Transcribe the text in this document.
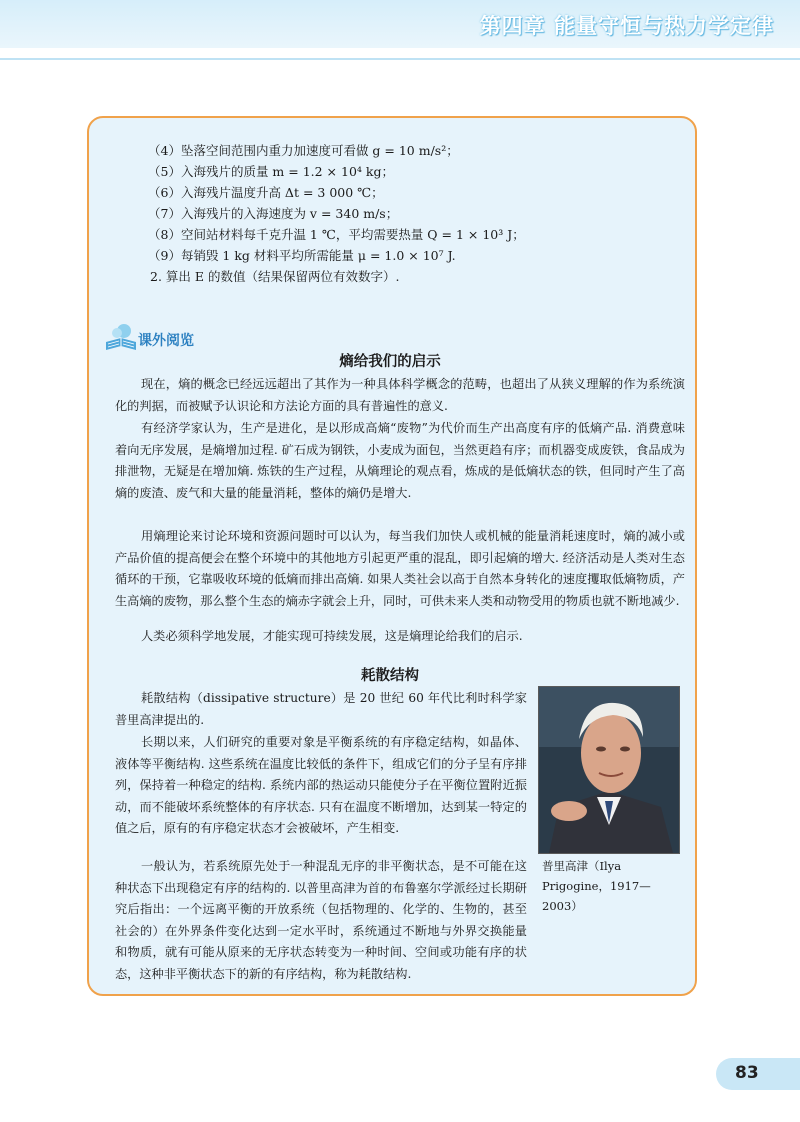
第四章 能量守恒与热力学定律
（4）坠落空间范围内重力加速度可看做 g = 10 m/s²；
（5）入海残片的质量 m = 1.2 × 10⁴ kg；
（6）入海残片温度升高 Δt = 3 000 ℃；
（7）入海残片的入海速度为 v = 340 m/s；
（8）空间站材料每千克升温 1 ℃，平均需要热量 Q = 1 × 10³ J；
（9）每销毁 1 kg 材料平均所需能量 μ = 1.0 × 10⁷ J.
2. 算出 E 的数值（结果保留两位有效数字）.
课外阅览
熵给我们的启示

现在，熵的概念已经远远超出了其作为一种具体科学概念的范畴，也超出了从狭义理解的作为系统演化的判据，而被赋予认识论和方法论方面的具有普遍性的意义.

有经济学家认为，生产是进化，是以形成高熵“废物”为代价而生产出高度有序的低熵产品. 消费意味着向无序发展，是熵增加过程. 矿石成为钢铁，小麦成为面包，当然更趋有序；而机器变成废铁，食品成为排泄物，无疑是在增加熵. 炼铁的生产过程，从熵理论的观点看，炼成的是低熵状态的铁，但同时产生了高熵的废渣、废气和大量的能量消耗，整体的熵仍是增大.

用熵理论来讨论环境和资源问题时可以认为，每当我们加快人或机械的能量消耗速度时，熵的减小或产品价值的提高便会在整个环境中的其他地方引起更严重的混乱，即引起熵的增大. 经济活动是人类对生态循环的干预，它靠吸收环境的低熵而排出高熵. 如果人类社会以高于自然本身转化的速度攫取低熵物质，产生高熵的废物，那么整个生态的熵赤字就会上升，同时，可供未来人类和动物受用的物质也就不断地减少.

人类必须科学地发展，才能实现可持续发展，这是熵理论给我们的启示.

耗散结构

耗散结构（dissipative structure）是 20 世纪 60 年代比利时科学家普里高津提出的.

长期以来，人们研究的重要对象是平衡系统的有序稳定结构，如晶体、液体等平衡结构. 这些系统在温度比较低的条件下，组成它们的分子呈有序排列，保持着一种稳定的结构. 系统内部的热运动只能使分子在平衡位置附近振动，而不能破坏系统整体的有序状态. 只有在温度不断增加，达到某一特定的值之后，原有的有序稳定状态才会被破坏，产生相变.

一般认为，若系统原先处于一种混乱无序的非平衡状态，是不可能在这种状态下出现稳定有序的结构的. 以普里高津为首的布鲁塞尔学派经过长期研究后指出：一个远离平衡的开放系统（包括物理的、化学的、生物的，甚至社会的）在外界条件变化达到一定水平时，系统通过不断地与外界交换能量和物质，就有可能从原来的无序状态转变为一种时间、空间或功能有序的状态，这种非平衡状态下的新的有序结构，称为耗散结构.

普里高津（Ilya Prigogine，1917—2003）
83
